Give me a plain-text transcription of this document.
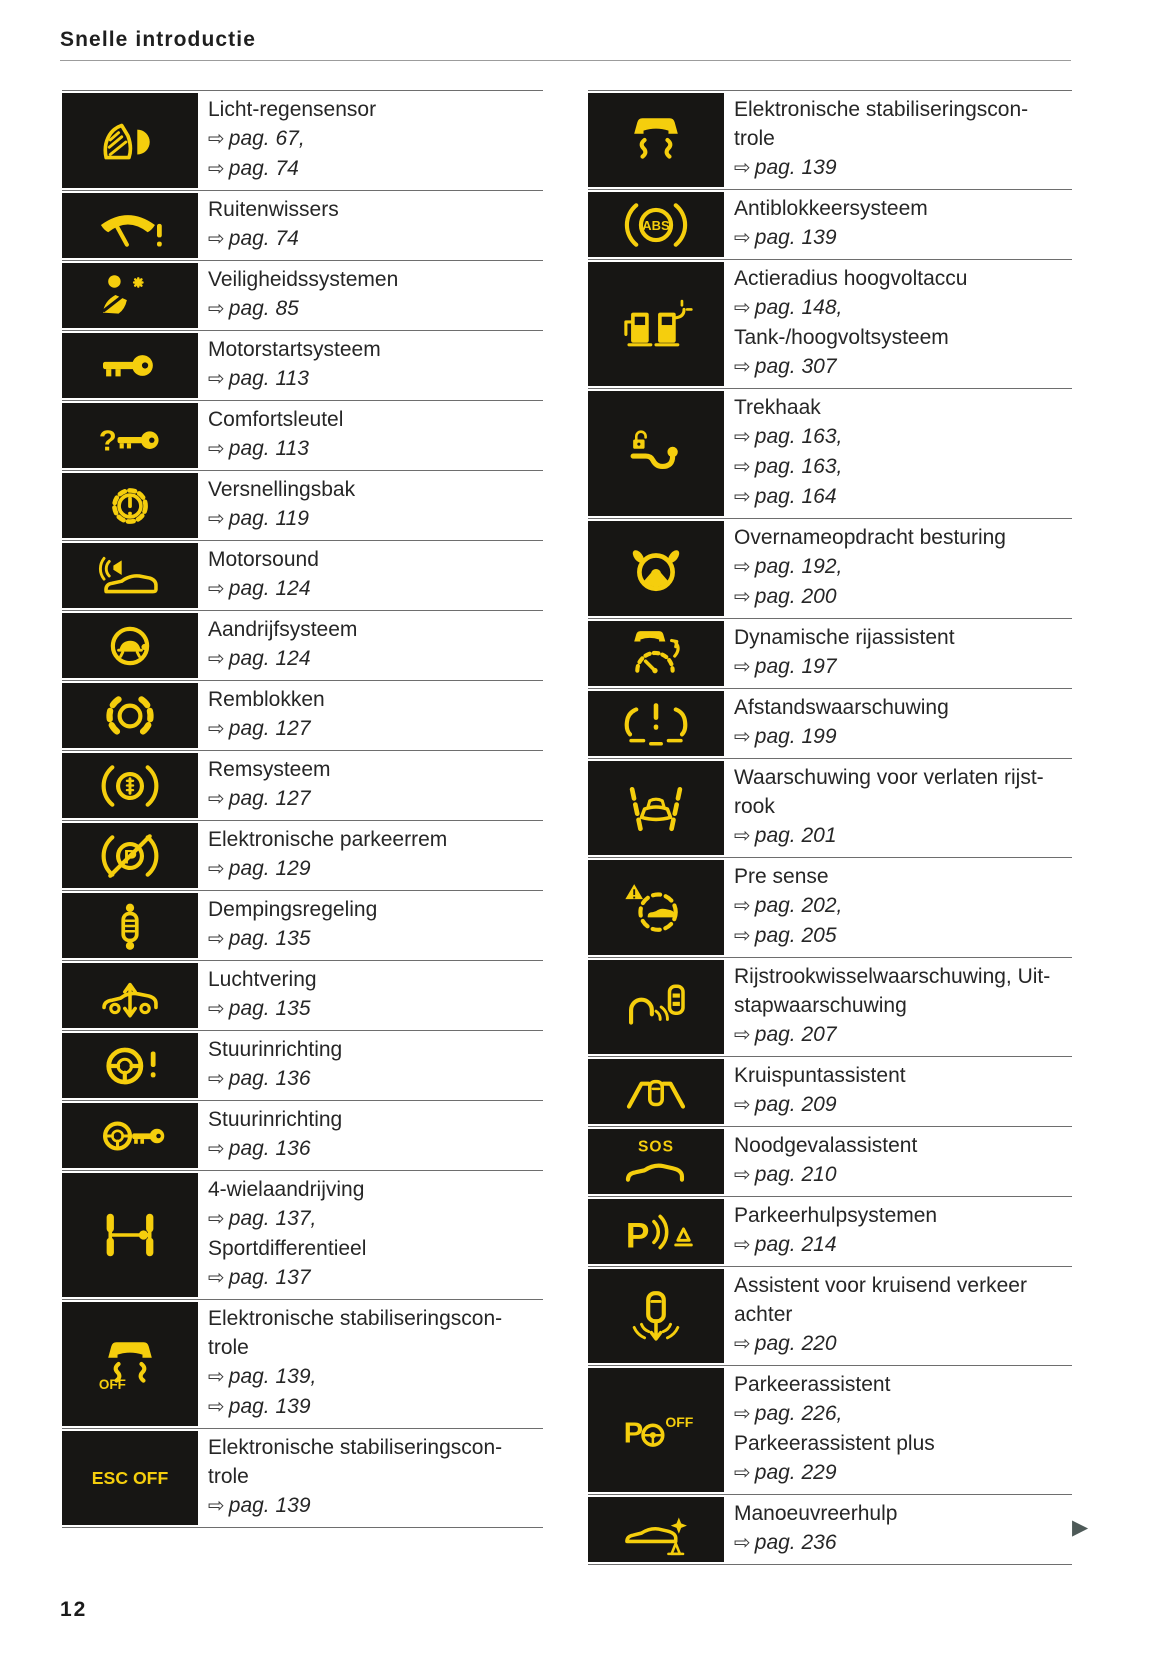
Snelle introductie
Licht-regensensor
⇨ pag. 67,
⇨ pag. 74
Ruitenwissers
⇨ pag. 74
Veiligheidssystemen
⇨ pag. 85
Motorstartsysteem
⇨ pag. 113
?
Comfortsleutel
⇨ pag. 113
Versnellingsbak
⇨ pag. 119
Motorsound
⇨ pag. 124
Aandrijfsysteem
⇨ pag. 124
Remblokken
⇨ pag. 127
Remsysteem
⇨ pag. 127
P
Elektronische parkeerrem
⇨ pag. 129
Dempingsregeling
⇨ pag. 135
Luchtvering
⇨ pag. 135
Stuurinrichting
⇨ pag. 136
Stuurinrichting
⇨ pag. 136
4-wielaandrijving
⇨ pag. 137,
Sportdifferentieel
⇨ pag. 137
OFF
Elektronische stabiliseringscon-
trole
⇨ pag. 139,
⇨ pag. 139
ESC OFF
Elektronische stabiliseringscon-
trole
⇨ pag. 139
Elektronische stabiliseringscon-
trole
⇨ pag. 139
ABS
Antiblokkeersysteem
⇨ pag. 139
Actieradius hoogvoltaccu
⇨ pag. 148,
Tank-/hoogvoltsysteem
⇨ pag. 307
Trekhaak
⇨ pag. 163,
⇨ pag. 163,
⇨ pag. 164
Overnameopdracht besturing
⇨ pag. 192,
⇨ pag. 200
Dynamische rijassistent
⇨ pag. 197
Afstandswaarschuwing
⇨ pag. 199
Waarschuwing voor verlaten rijst-
rook
⇨ pag. 201
Pre sense
⇨ pag. 202,
⇨ pag. 205
Rijstrookwisselwaarschuwing, Uit-
stapwaarschuwing
⇨ pag. 207
Kruispuntassistent
⇨ pag. 209
SOS	Noodgevalassistent
⇨ pag. 210
P
Parkeerhulpsystemen
⇨ pag. 214
Assistent voor kruisend verkeer
achter
⇨ pag. 220
P OFF
Parkeerassistent
⇨ pag. 226,
Parkeerassistent plus
⇨ pag. 229
Manoeuvreerhulp
⇨ pag. 236
▶
12
